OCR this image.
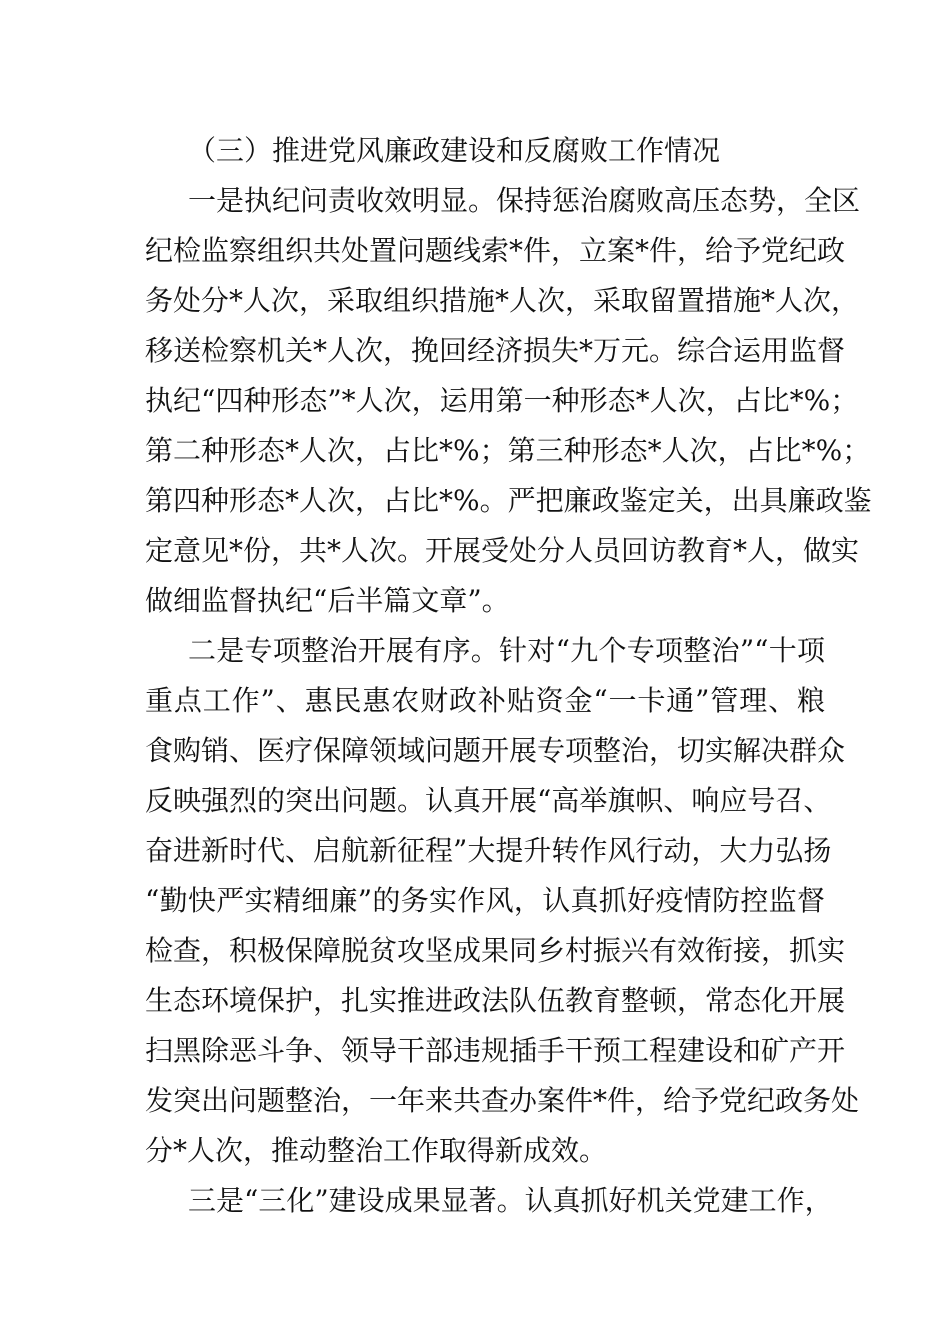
（三）推进党风廉政建设和反腐败工作情况
一是执纪问责收效明显。保持惩治腐败高压态势，全区
纪检监察组织共处置问题线索*件，立案*件，给予党纪政
务处分*人次，采取组织措施*人次，采取留置措施*人次，
移送检察机关*人次，挽回经济损失*万元。综合运用监督
执纪“四种形态”*人次，运用第一种形态*人次，占比*%；
第二种形态*人次，占比*%；第三种形态*人次，占比*%；
第四种形态*人次，占比*%。严把廉政鉴定关，出具廉政鉴
定意见*份，共*人次。开展受处分人员回访教育*人，做实
做细监督执纪“后半篇文章”。
二是专项整治开展有序。针对“九个专项整治”“十项
重点工作”、惠民惠农财政补贴资金“一卡通”管理、粮
食购销、医疗保障领域问题开展专项整治，切实解决群众
反映强烈的突出问题。认真开展“高举旗帜、响应号召、
奋进新时代、启航新征程”大提升转作风行动，大力弘扬
“勤快严实精细廉”的务实作风，认真抓好疫情防控监督
检查，积极保障脱贫攻坚成果同乡村振兴有效衔接，抓实
生态环境保护，扎实推进政法队伍教育整顿，常态化开展
扫黑除恶斗争、领导干部违规插手干预工程建设和矿产开
发突出问题整治，一年来共查办案件*件，给予党纪政务处
分*人次，推动整治工作取得新成效。
三是“三化”建设成果显著。认真抓好机关党建工作，
